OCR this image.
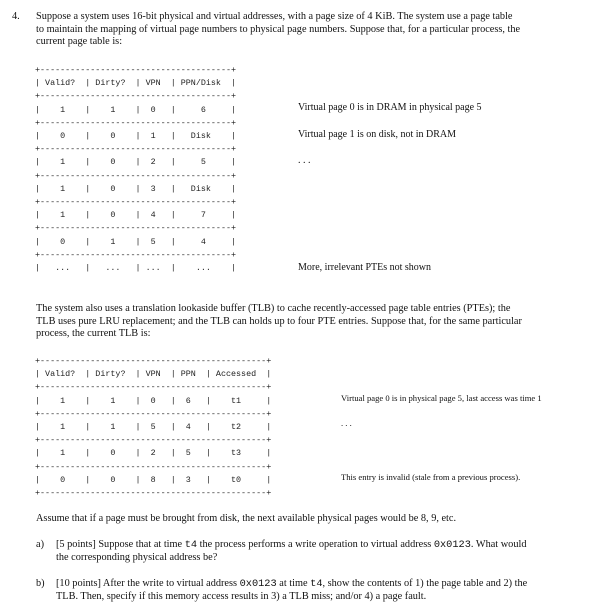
4. Suppose a system uses 16-bit physical and virtual addresses, with a page size of 4 KiB. The system use a page table
to maintain the mapping of virtual page numbers to physical page numbers. Suppose that, for a particular process, the
current page table is:
+--------------------------------------+
| Valid?  | Dirty?  | VPN  | PPN/Disk  |
+--------------------------------------+
|    1    |    1    |  0   |     6     |
+--------------------------------------+
|    0    |    0    |  1   |   Disk    |
+--------------------------------------+
|    1    |    0    |  2   |     5     |
+--------------------------------------+
|    1    |    0    |  3   |   Disk    |
+--------------------------------------+
|    1    |    0    |  4   |     7     |
+--------------------------------------+
|    0    |    1    |  5   |     4     |
+--------------------------------------+
|   ...   |   ...   | ...  |    ...    |
Virtual page 0 is in DRAM in physical page 5
Virtual page 1 is on disk, not in DRAM
. . .
More, irrelevant PTEs not shown
The system also uses a translation lookaside buffer (TLB) to cache recently-accessed page table entries (PTEs); the
TLB uses pure LRU replacement; and the TLB can holds up to four PTE entries. Suppose that, for the same particular
process, the current TLB is:
+---------------------------------------------+
| Valid?  | Dirty?  | VPN  | PPN  | Accessed  |
+---------------------------------------------+
|    1    |    1    |  0   |  6   |    t1     |
+---------------------------------------------+
|    1    |    1    |  5   |  4   |    t2     |
+---------------------------------------------+
|    1    |    0    |  2   |  5   |    t3     |
+---------------------------------------------+
|    0    |    0    |  8   |  3   |    t0     |
+---------------------------------------------+
Virtual page 0 is in physical page 5, last access was time 1
. . .
This entry is invalid (stale from a previous process).
Assume that if a page must be brought from disk, the next available physical pages would be 8, 9, etc.
a) [5 points] Suppose that at time t4 the process performs a write operation to virtual address 0x0123. What would
the corresponding physical address be?
b) [10 points] After the write to virtual address 0x0123 at time t4, show the contents of 1) the page table and 2) the
TLB. Then, specify if this memory access results in 3) a TLB miss; and/or 4) a page fault.
